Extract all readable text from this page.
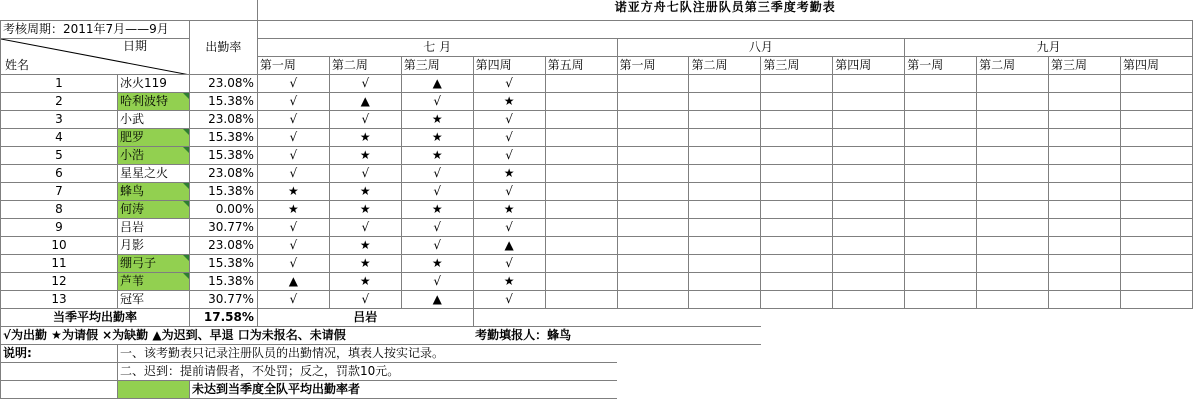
			诺亚方舟七队注册队员第三季度考勤表												
考核周期：2011年7月——9月		出勤率													

日期
姓名			七 月					八月				九月			
			第一周	第二周	第三周	第四周	第五周	第一周	第二周	第三周	第四周	第一周	第二周	第三周	第四周
1	冰火119	23.08%	√	√	▲	√									
2	哈利波特	15.38%	√	▲	√	★									
3	小武	23.08%	√	√	★	√									
4	肥罗	15.38%	√	★	★	√									
5	小浩	15.38%	√	★	★	√									
6	星星之火	23.08%	√	√	√	★									
7	蜂鸟	15.38%	★	★	√	√									
8	何涛	0.00%	★	★	★	★									
9	吕岩	30.77%	√	√	√	√									
10	月影	23.08%	√	★	√	▲									
11	绷弓子	15.38%	√	★	★	√									
12	芦苇	15.38%	▲	★	√	★									
13	冠军	30.77%	√	√	▲	√									
当季平均出勤率		17.58%	吕岩												
√为出勤 ★为请假 ×为缺勤 ▲为迟到、早退 口为未报名、未请假						考勤填报人：蜂鸟									
说明:	一、该考勤表只记录注册队员的出勤情况，填表人按实记录。														
	二、迟到：提前请假者，不处罚；反之，罚款10元。														
		未达到当季度全队平均出勤率者													
